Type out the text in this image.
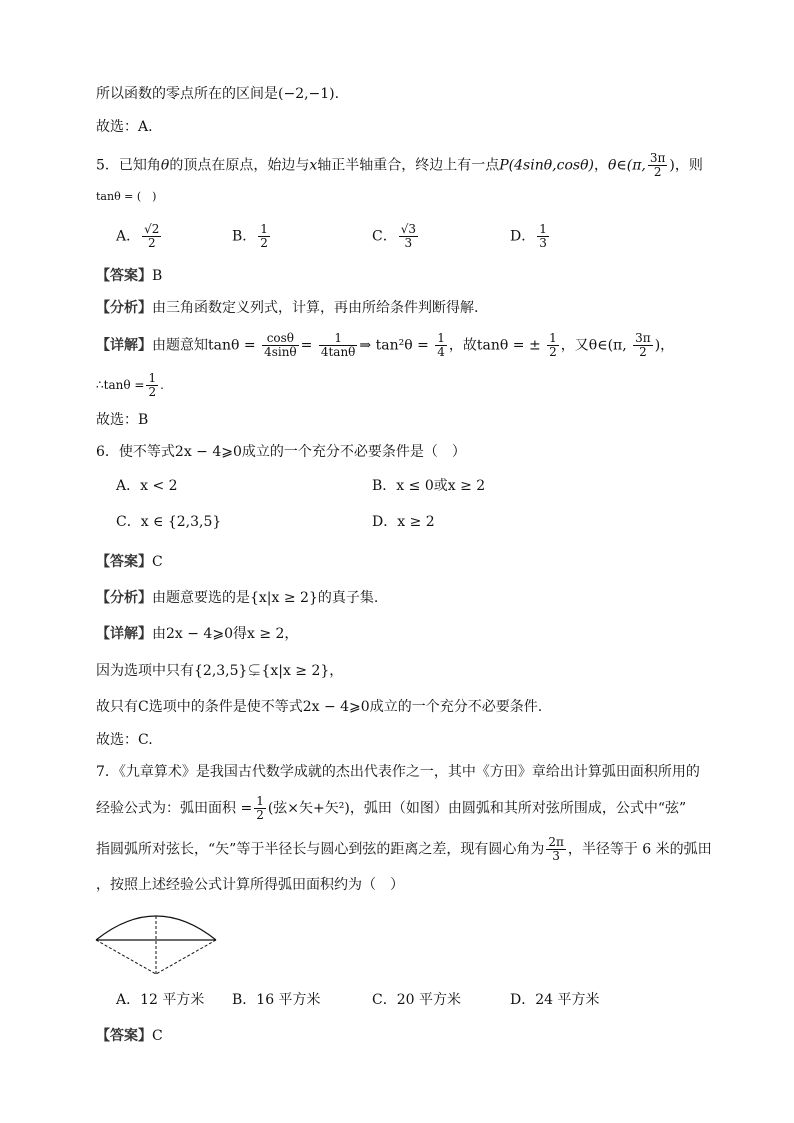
所以函数的零点所在的区间是(−2,−1).
故选：A.
5．已知角θ的顶点在原点，始边与x轴正半轴重合，终边上有一点P(4sinθ,cosθ)，θ∈(π, $\frac{3\pi}{2}$ )，则
tanθ = (　)
A． $\frac{√2}{2}$	B． $\frac{1}{2}$	C． $\frac{√3}{3}$	D． $\frac{1}{3}$
【答案】B
【分析】由三角函数定义列式，计算，再由所给条件判断得解.
【详解】由题意知$\tan\theta = \frac{\cos\theta}{4\sin\theta} = \frac{1}{4\tan\theta}$ ⇒ $\tan^2\theta = \frac{1}{4}$ ，故tanθ = ± $\frac{1}{2}$ ，又θ∈(π, $\frac{3\pi}{2}$ )，
∴tanθ = $\frac{1}{2}$ .
故选：B
6．使不等式2x − 4⩾0成立的一个充分不必要条件是（　）
A．x < 2	B．x ≤ 0或x ≥ 2
C．x ∈ {2,3,5}	D．x ≥ 2
【答案】C
【分析】由题意要选的是{x|x ≥ 2}的真子集.
【详解】由2x − 4⩾0得x ≥ 2，
因为选项中只有{2,3,5}⊊{x|x ≥ 2}，
故只有C选项中的条件是使不等式2x − 4⩾0成立的一个充分不必要条件.
故选：C.
7．《九章算术》是我国古代数学成就的杰出代表作之一，其中《方田》章给出计算弧田面积所用的
经验公式为：弧田面积 = $\frac{1}{2}$ (弦×矢+矢²)，弧田（如图）由圆弧和其所对弦所围成，公式中“弦”
指圆弧所对弦长，“矢”等于半径长与圆心到弦的距离之差，现有圆心角为 $\frac{2\pi}{3}$ ，半径等于 6 米的弧田
，按照上述经验公式计算所得弧田面积约为（　）
A．12 平方米 B．16 平方米	C．20 平方米	D．24 平方米
【答案】C
